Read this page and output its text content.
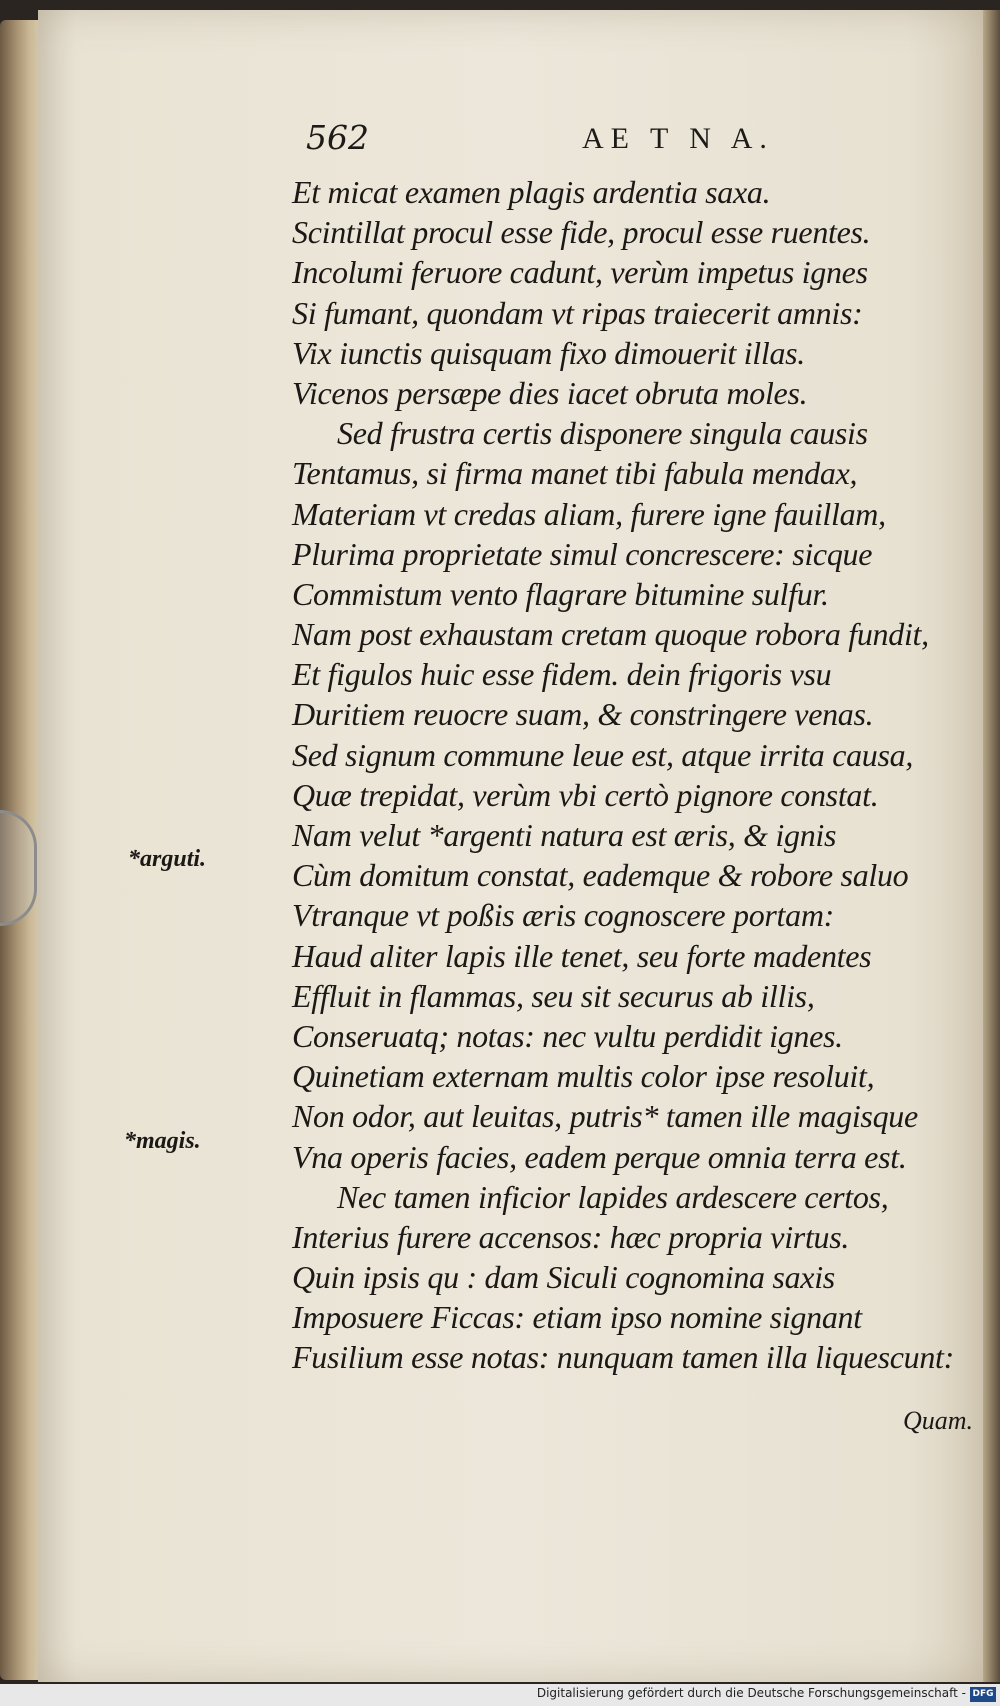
562	AE T N A.
Et micat examen plagis ardentia saxa.
Scintillat procul esse fide, procul esse ruentes.
Incolumi feruore cadunt, verùm impetus ignes
Si fumant, quondam vt ripas traiecerit amnis:
Vix iunctis quisquam fixo dimouerit illas.
Vicenos persæpe dies iacet obruta moles.
Sed frustra certis disponere singula causis
Tentamus, si firma manet tibi fabula mendax,
Materiam vt credas aliam, furere igne fauillam,
Plurima proprietate simul concrescere: sicque
Commistum vento flagrare bitumine sulfur.
Nam post exhaustam cretam quoque robora fundit,
Et figulos huic esse fidem. dein frigoris vsu
Duritiem reuocre suam, & constringere venas.
Sed signum commune leue est, atque irrita causa,
Quæ trepidat, verùm vbi certò pignore constat.
Nam velut *argenti natura est æris, & ignis
Cùm domitum constat, eademque & robore saluo
Vtranque vt poßis æris cognoscere portam:
Haud aliter lapis ille tenet, seu forte madentes
Effluit in flammas, seu sit securus ab illis,
Conseruatq; notas: nec vultu perdidit ignes.
Quinetiam externam multis color ipse resoluit,
Non odor, aut leuitas, putris* tamen ille magisque
Vna operis facies, eadem perque omnia terra est.
Nec tamen inficior lapides ardescere certos,
Interius furere accensos: hæc propria virtus.
Quin ipsis qu : dam Siculi cognomina saxis
Imposuere Ficcas: etiam ipso nomine signant
Fusilium esse notas: nunquam tamen illa liquescunt:
*arguti.
*magis.
Quam.
Digitalisierung gefördert durch die Deutsche Forschungsgemeinschaft - DFG
